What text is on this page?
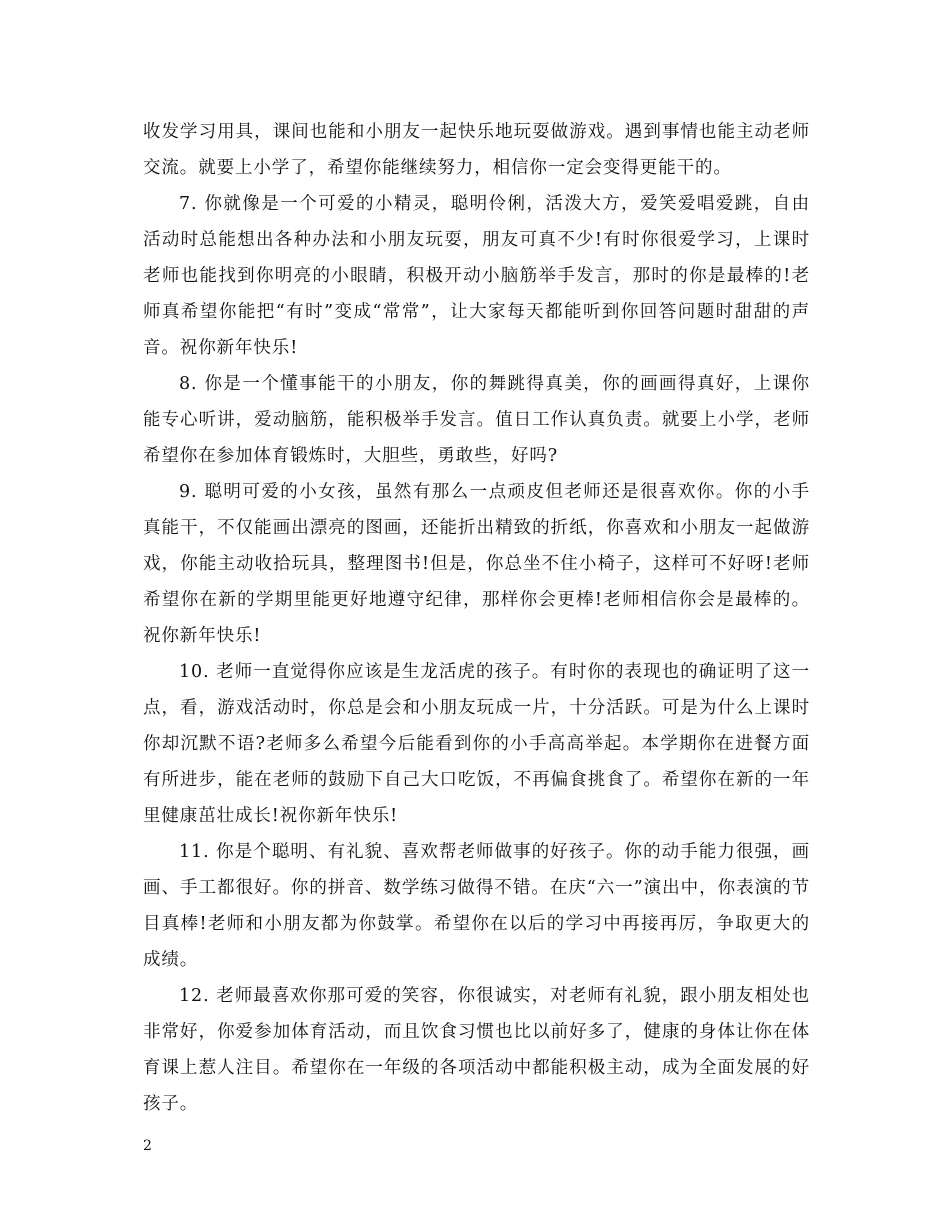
收发学习用具，课间也能和小朋友一起快乐地玩耍做游戏。遇到事情也能主动老师交流。就要上小学了，希望你能继续努力，相信你一定会变得更能干的。

7. 你就像是一个可爱的小精灵，聪明伶俐，活泼大方，爱笑爱唱爱跳，自由活动时总能想出各种办法和小朋友玩耍，朋友可真不少!有时你很爱学习，上课时老师也能找到你明亮的小眼睛，积极开动小脑筋举手发言，那时的你是最棒的!老师真希望你能把“有时”变成“常常”，让大家每天都能听到你回答问题时甜甜的声音。祝你新年快乐!

8. 你是一个懂事能干的小朋友，你的舞跳得真美，你的画画得真好，上课你能专心听讲，爱动脑筋，能积极举手发言。值日工作认真负责。就要上小学，老师希望你在参加体育锻炼时，大胆些，勇敢些，好吗?

9. 聪明可爱的小女孩，虽然有那么一点顽皮但老师还是很喜欢你。你的小手真能干，不仅能画出漂亮的图画，还能折出精致的折纸，你喜欢和小朋友一起做游戏，你能主动收拾玩具，整理图书!但是，你总坐不住小椅子，这样可不好呀!老师希望你在新的学期里能更好地遵守纪律，那样你会更棒!老师相信你会是最棒的。祝你新年快乐!

10. 老师一直觉得你应该是生龙活虎的孩子。有时你的表现也的确证明了这一点，看，游戏活动时，你总是会和小朋友玩成一片，十分活跃。可是为什么上课时你却沉默不语?老师多么希望今后能看到你的小手高高举起。本学期你在进餐方面有所进步，能在老师的鼓励下自己大口吃饭，不再偏食挑食了。希望你在新的一年里健康茁壮成长!祝你新年快乐!

11. 你是个聪明、有礼貌、喜欢帮老师做事的好孩子。你的动手能力很强，画画、手工都很好。你的拼音、数学练习做得不错。在庆“六一”演出中，你表演的节目真棒!老师和小朋友都为你鼓掌。希望你在以后的学习中再接再厉，争取更大的成绩。

12. 老师最喜欢你那可爱的笑容，你很诚实，对老师有礼貌，跟小朋友相处也非常好，你爱参加体育活动，而且饮食习惯也比以前好多了，健康的身体让你在体育课上惹人注目。希望你在一年级的各项活动中都能积极主动，成为全面发展的好孩子。

2
